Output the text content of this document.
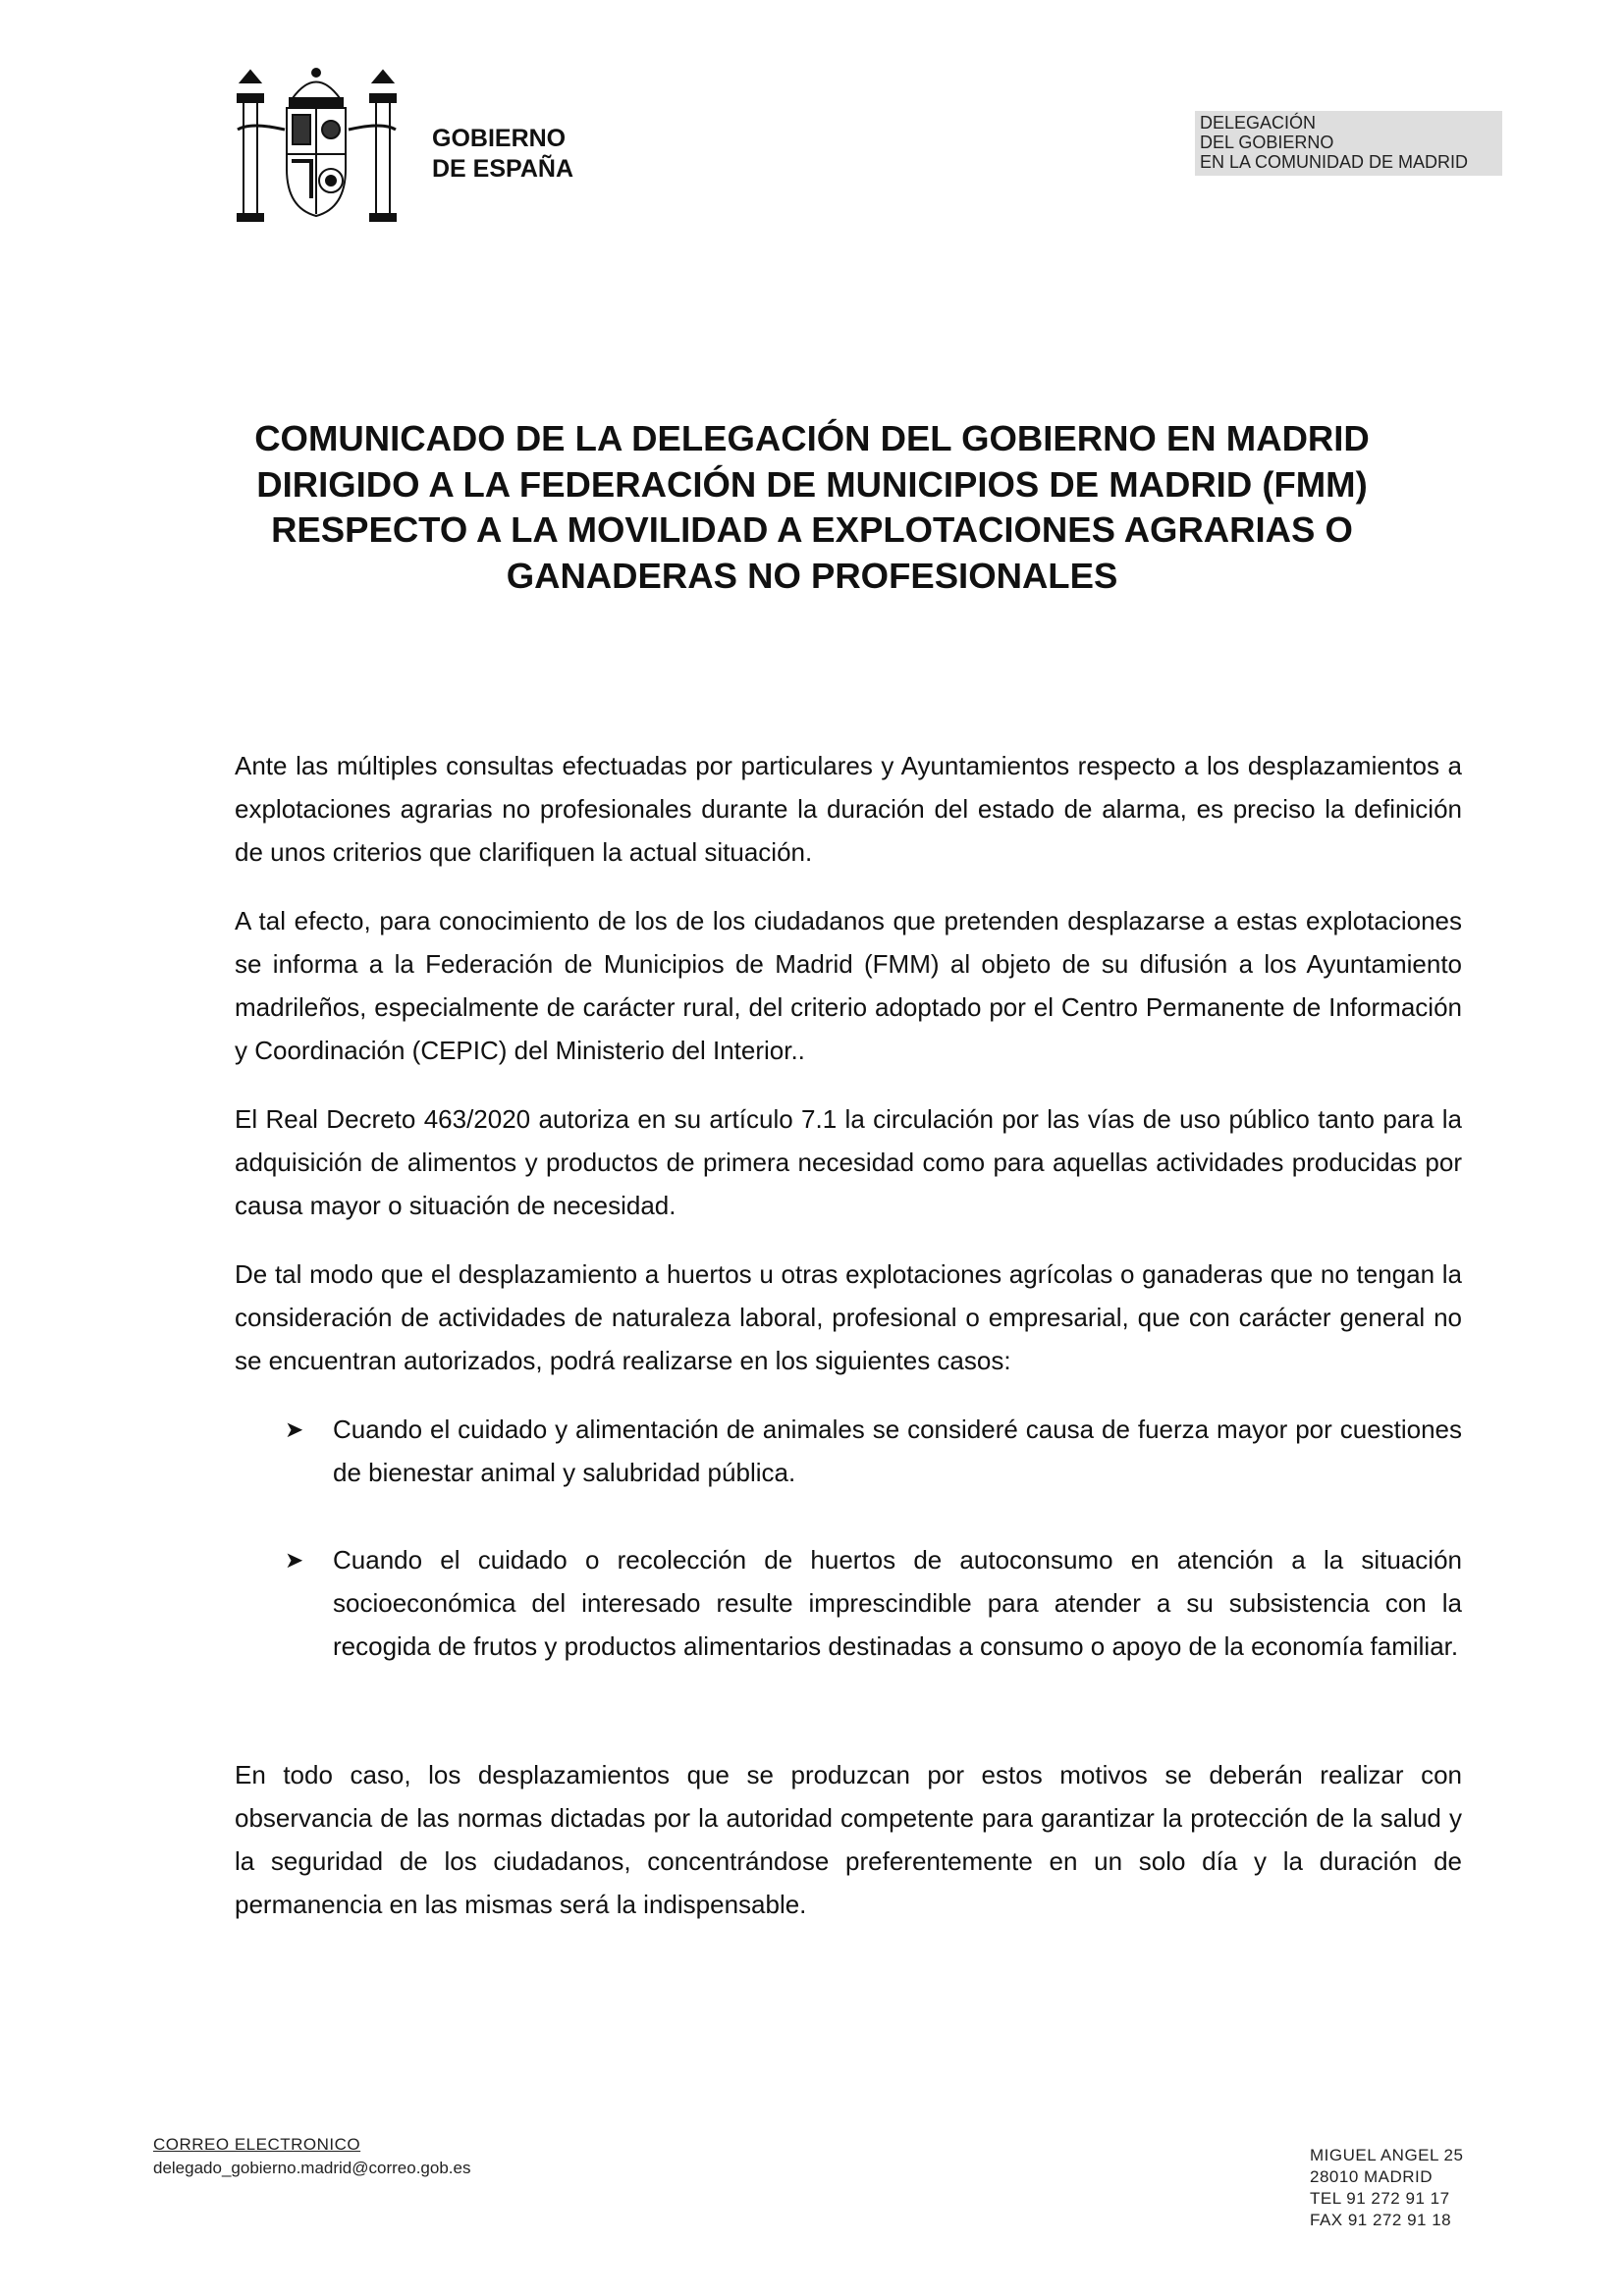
GOBIERNO
DE ESPAÑA
DELEGACIÓN
DEL GOBIERNO
EN LA COMUNIDAD DE MADRID
COMUNICADO DE LA DELEGACIÓN DEL GOBIERNO EN MADRID
DIRIGIDO A LA FEDERACIÓN DE MUNICIPIOS DE MADRID (FMM)
RESPECTO A LA MOVILIDAD A EXPLOTACIONES AGRARIAS O
GANADERAS NO PROFESIONALES
Ante las múltiples consultas efectuadas por particulares y Ayuntamientos respecto a los desplazamientos a explotaciones agrarias no profesionales durante la duración del estado de alarma, es preciso la definición de unos criterios que clarifiquen la actual situación.
A tal efecto, para conocimiento de los de los ciudadanos que pretenden desplazarse a estas explotaciones se informa a la Federación de Municipios de Madrid (FMM) al objeto de su difusión a los Ayuntamiento madrileños, especialmente de carácter rural, del criterio adoptado por el Centro Permanente de Información y Coordinación (CEPIC) del Ministerio del Interior..
El Real Decreto 463/2020 autoriza en su artículo 7.1 la circulación por las vías de uso público tanto para la adquisición de alimentos y productos de primera necesidad como para aquellas actividades producidas por causa mayor o situación de necesidad.
De tal modo que el desplazamiento a huertos u otras explotaciones agrícolas o ganaderas que no tengan la consideración de actividades de naturaleza laboral, profesional o empresarial, que con carácter general no se encuentran autorizados, podrá realizarse en los siguientes casos:
➤ Cuando el cuidado y alimentación de animales se consideré causa de fuerza mayor por cuestiones de bienestar animal y salubridad pública.
➤ Cuando el cuidado o recolección de huertos de autoconsumo en atención a la situación socioeconómica del interesado resulte imprescindible para atender a su subsistencia con la recogida de frutos y productos alimentarios destinadas a consumo o apoyo de la economía familiar.
En todo caso, los desplazamientos que se produzcan por estos motivos se deberán realizar con observancia de las normas dictadas por la autoridad competente para garantizar la protección de la salud y la seguridad de los ciudadanos, concentrándose preferentemente en un solo día y la duración de permanencia en las mismas será la indispensable.
CORREO ELECTRONICO
delegado_gobierno.madrid@correo.gob.es
MIGUEL ANGEL 25
28010 MADRID
TEL 91 272 91 17
FAX 91 272 91 18
